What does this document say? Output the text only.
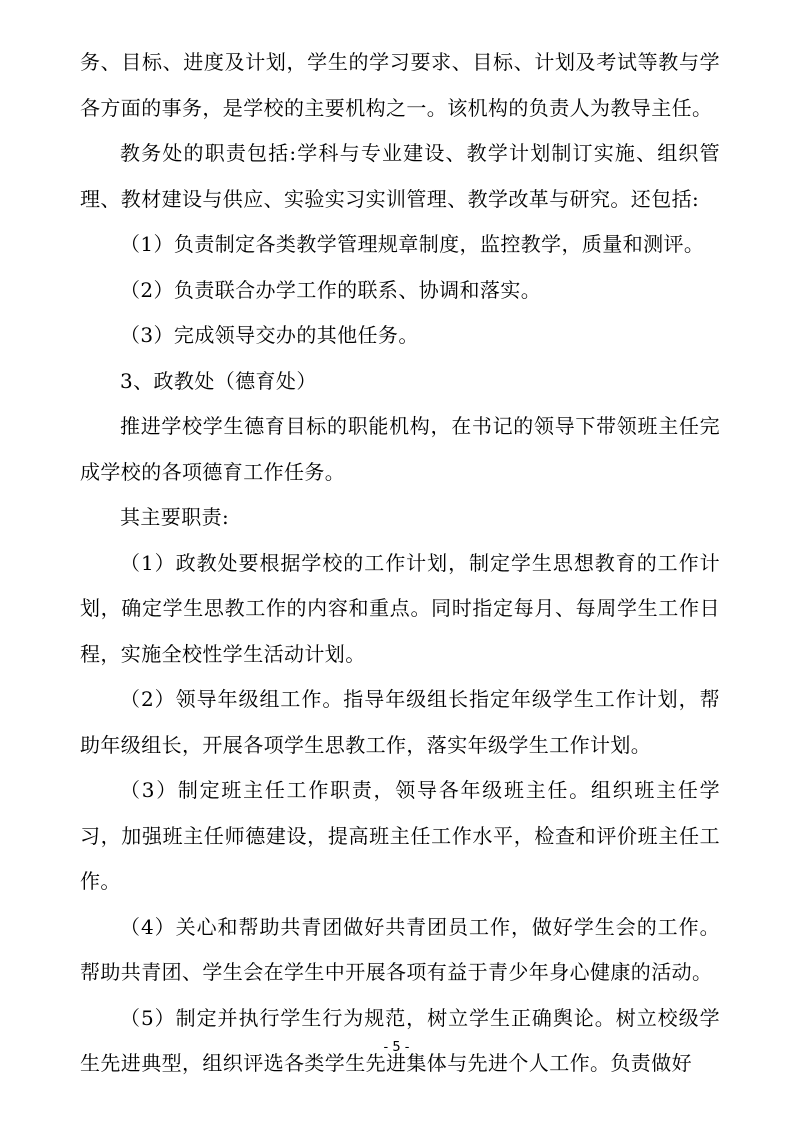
务、目标、进度及计划，学生的学习要求、目标、计划及考试等教与学各方面的事务，是学校的主要机构之一。该机构的负责人为教导主任。

教务处的职责包括:学科与专业建设、教学计划制订实施、组织管理、教材建设与供应、实验实习实训管理、教学改革与研究。还包括:

（1）负责制定各类教学管理规章制度，监控教学，质量和测评。
（2）负责联合办学工作的联系、协调和落实。
（3）完成领导交办的其他任务。
3、政教处（德育处）

推进学校学生德育目标的职能机构，在书记的领导下带领班主任完成学校的各项德育工作任务。

其主要职责:

（1）政教处要根据学校的工作计划，制定学生思想教育的工作计划，确定学生思教工作的内容和重点。同时指定每月、每周学生工作日程，实施全校性学生活动计划。

（2）领导年级组工作。指导年级组长指定年级学生工作计划，帮助年级组长，开展各项学生思教工作，落实年级学生工作计划。

（3）制定班主任工作职责，领导各年级班主任。组织班主任学习，加强班主任师德建设，提高班主任工作水平，检查和评价班主任工作。

（4）关心和帮助共青团做好共青团员工作，做好学生会的工作。帮助共青团、学生会在学生中开展各项有益于青少年身心健康的活动。

（5）制定并执行学生行为规范，树立学生正确舆论。树立校级学生先进典型，组织评选各类学生先进集体与先进个人工作。负责做好

- 5 -
